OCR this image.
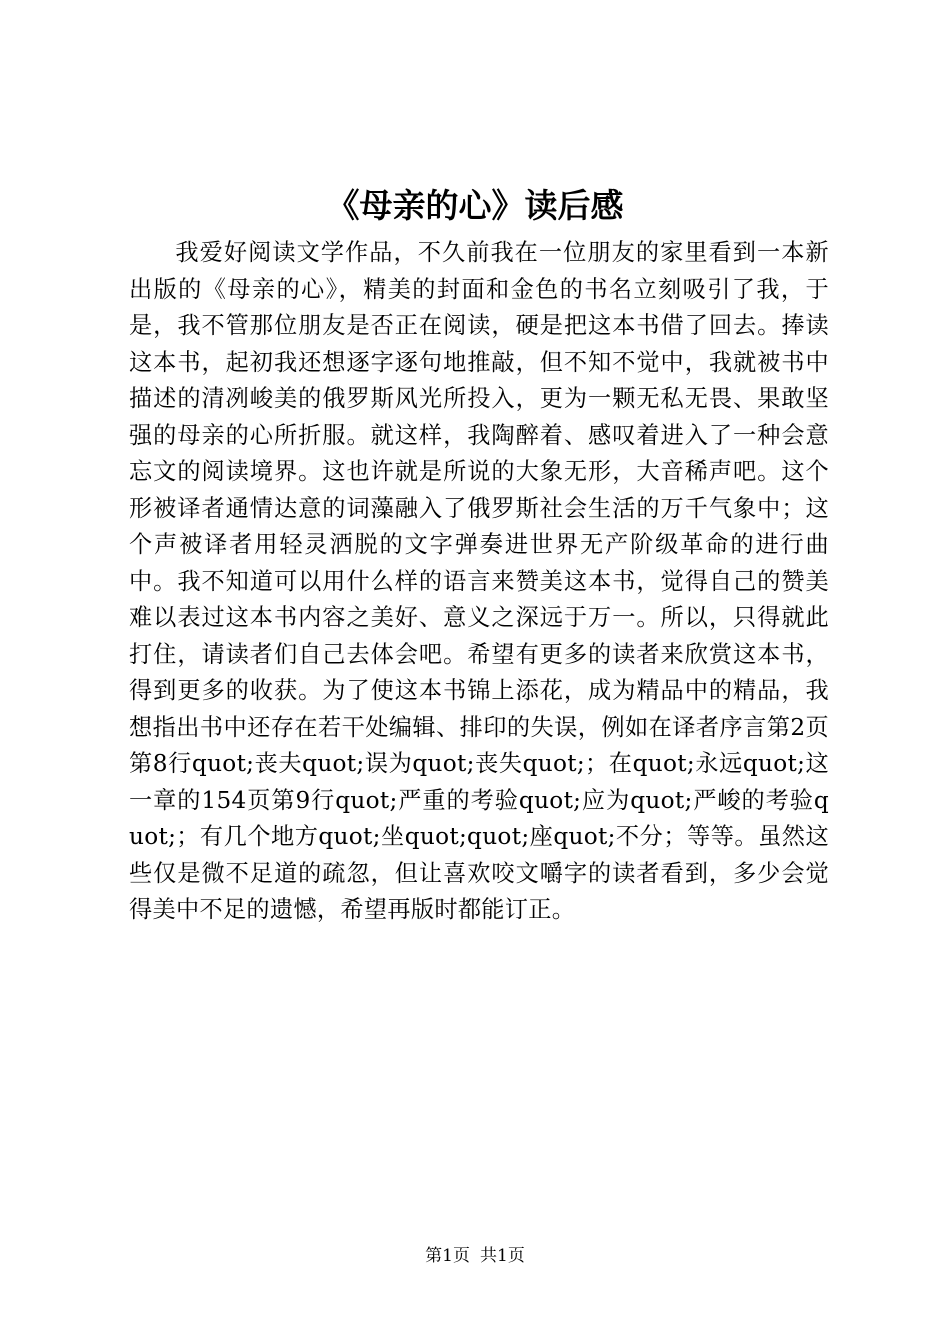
《母亲的心》读后感

我爱好阅读文学作品，不久前我在一位朋友的家里看到一本新出版的《母亲的心》，精美的封面和金色的书名立刻吸引了我，于是，我不管那位朋友是否正在阅读，硬是把这本书借了回去。捧读这本书，起初我还想逐字逐句地推敲，但不知不觉中，我就被书中描述的清冽峻美的俄罗斯风光所投入，更为一颗无私无畏、果敢坚强的母亲的心所折服。就这样，我陶醉着、感叹着进入了一种会意忘文的阅读境界。这也许就是所说的大象无形，大音稀声吧。这个形被译者通情达意的词藻融入了俄罗斯社会生活的万千气象中；这个声被译者用轻灵洒脱的文字弹奏进世界无产阶级革命的进行曲中。我不知道可以用什么样的语言来赞美这本书，觉得自己的赞美难以表过这本书内容之美好、意义之深远于万一。所以，只得就此打住，请读者们自己去体会吧。希望有更多的读者来欣赏这本书，得到更多的收获。为了使这本书锦上添花，成为精品中的精品，我想指出书中还存在若干处编辑、排印的失误，例如在译者序言第2页第8行quot;丧夫quot;误为quot;丧失quot;；在quot;永远quot;这一章的154页第9行quot;严重的考验quot;应为quot;严峻的考验quot;；有几个地方quot;坐quot;quot;座quot;不分；等等。虽然这些仅是微不足道的疏忽，但让喜欢咬文嚼字的读者看到，多少会觉得美中不足的遗憾，希望再版时都能订正。

第1页 共1页
